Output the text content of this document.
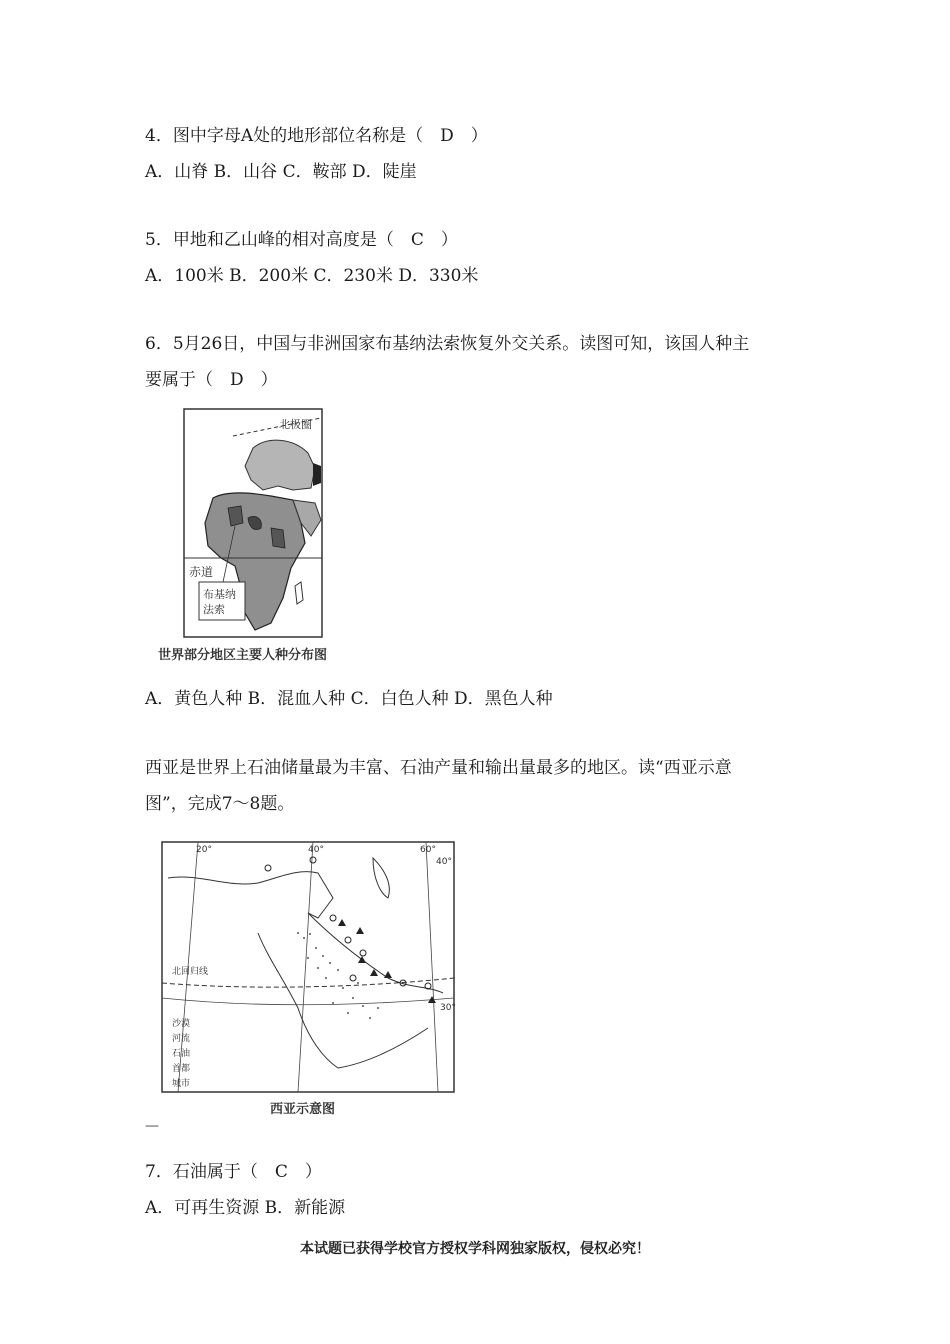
4．图中字母A处的地形部位名称是（　D　）
A．山脊 B．山谷 C．鞍部 D．陡崖
5．甲地和乙山峰的相对高度是（　C　）
A．100米 B．200米 C．230米 D．330米
6．5月26日，中国与非洲国家布基纳法索恢复外交关系。读图可知，该国人种主
要属于（　D　）
北极圈
赤道
布基纳
法索
世界部分地区主要人种分布图
A．黄色人种 B．混血人种 C．白色人种 D．黑色人种
西亚是世界上石油储量最为丰富、石油产量和输出量最多的地区。读“西亚示意
图”，完成7～8题。
20°	40°	60°
40°
30°
北回归线
沙漠
河流
石油
首都
城市
西亚示意图
—
7．石油属于（　C　）
A．可再生资源 B．新能源
本试题已获得学校官方授权学科网独家版权，侵权必究！
